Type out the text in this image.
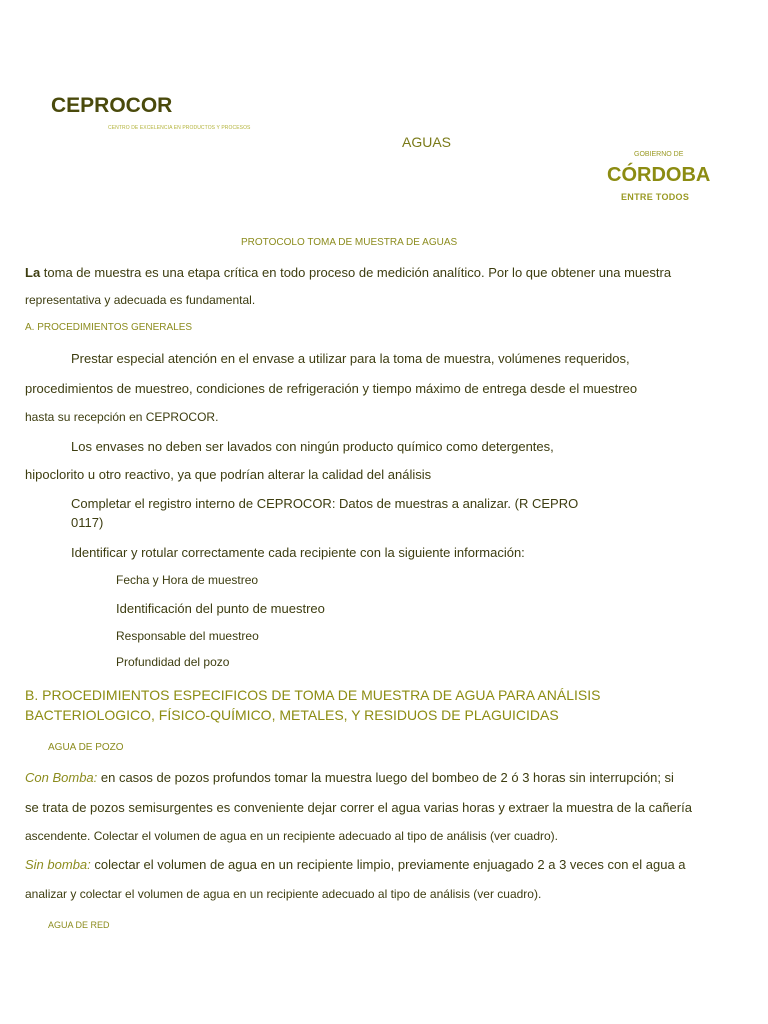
CEPROCOR
CENTRO DE EXCELENCIA EN PRODUCTOS Y PROCESOS
AGUAS
GOBIERNO DE
CÓRDOBA
ENTRE TODOS
PROTOCOLO TOMA DE MUESTRA DE AGUAS
La toma de muestra es una etapa crítica en todo proceso de medición analítico. Por lo que obtener una muestra
representativa y adecuada es fundamental.
A. PROCEDIMIENTOS GENERALES
Prestar especial atención en el envase a utilizar para la toma de muestra, volúmenes requeridos,
procedimientos de muestreo, condiciones de refrigeración y tiempo máximo de entrega desde el muestreo
hasta su recepción en CEPROCOR.
Los envases no deben ser lavados con ningún producto químico como detergentes,
hipoclorito u otro reactivo, ya que podrían alterar la calidad del análisis
Completar el registro interno de CEPROCOR: Datos de muestras a analizar. (R CEPRO
0117)
Identificar y rotular correctamente cada recipiente con la siguiente información:
Fecha y Hora de muestreo
Identificación del punto de muestreo
Responsable del muestreo
Profundidad del pozo
B. PROCEDIMIENTOS ESPECIFICOS DE TOMA DE MUESTRA DE AGUA PARA ANÁLISIS
BACTERIOLOGICO, FÍSICO-QUÍMICO, METALES, Y RESIDUOS DE PLAGUICIDAS
AGUA DE POZO
Con Bomba: en casos de pozos profundos tomar la muestra luego del bombeo de 2 ó 3 horas sin interrupción; si
se trata de pozos semisurgentes es conveniente dejar correr el agua varias horas y extraer la muestra de la cañería
ascendente. Colectar el volumen de agua en un recipiente adecuado al tipo de análisis (ver cuadro).
Sin bomba: colectar el volumen de agua en un recipiente limpio, previamente enjuagado 2 a 3 veces con el agua a
analizar y colectar el volumen de agua en un recipiente adecuado al tipo de análisis (ver cuadro).
AGUA DE RED
